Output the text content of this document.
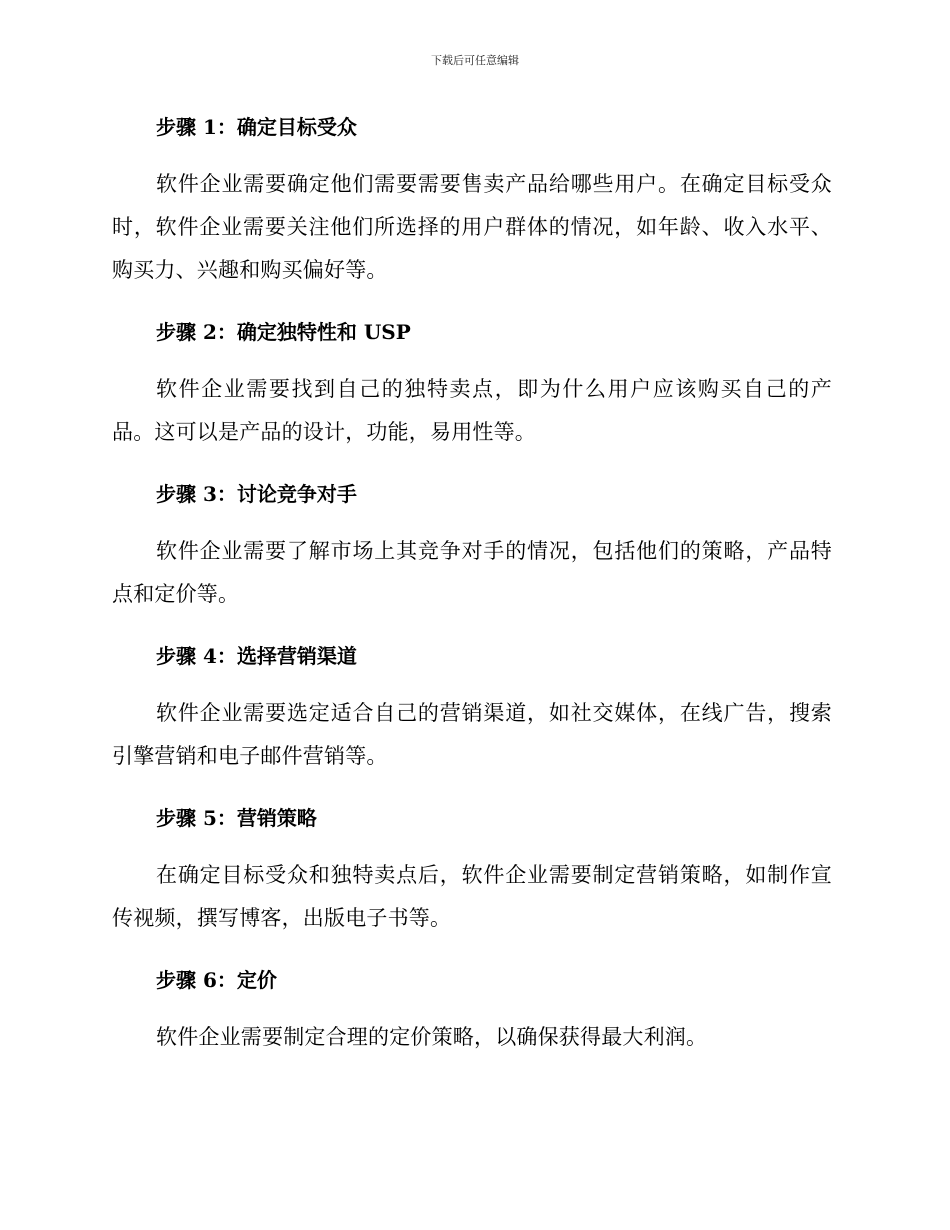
下载后可任意编辑
步骤 1：确定目标受众

软件企业需要确定他们需要需要售卖产品给哪些用户。在确定目标受众时，软件企业需要关注他们所选择的用户群体的情况，如年龄、收入水平、购买力、兴趣和购买偏好等。

步骤 2：确定独特性和 USP

软件企业需要找到自己的独特卖点，即为什么用户应该购买自己的产品。这可以是产品的设计，功能，易用性等。

步骤 3：讨论竞争对手

软件企业需要了解市场上其竞争对手的情况，包括他们的策略，产品特点和定价等。

步骤 4：选择营销渠道

软件企业需要选定适合自己的营销渠道，如社交媒体，在线广告，搜索引擎营销和电子邮件营销等。

步骤 5：营销策略

在确定目标受众和独特卖点后，软件企业需要制定营销策略，如制作宣传视频，撰写博客，出版电子书等。

步骤 6：定价

软件企业需要制定合理的定价策略，以确保获得最大利润。
